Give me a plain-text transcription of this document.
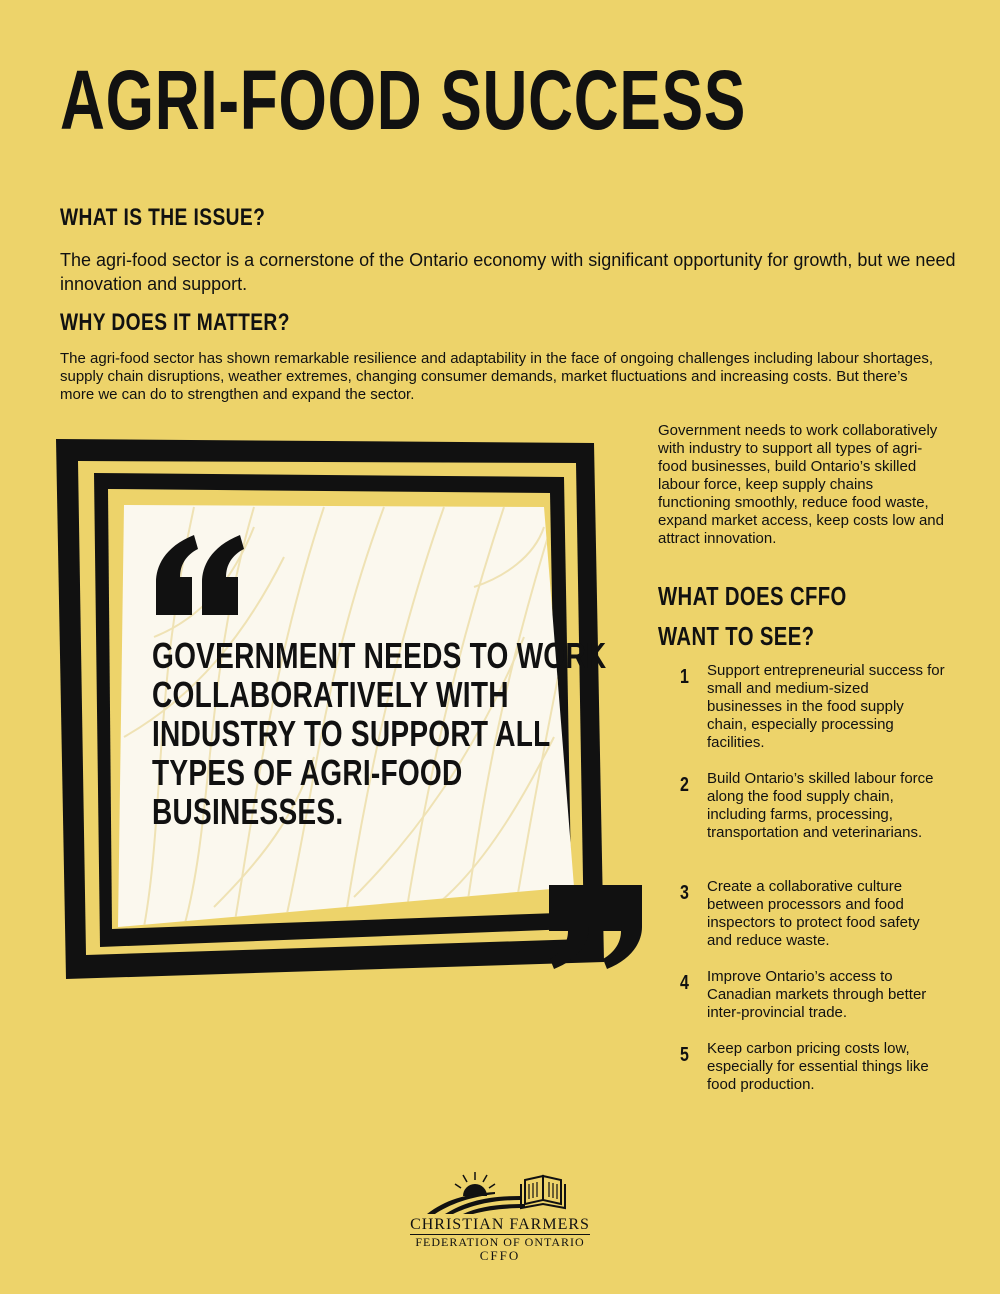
AGRI-FOOD SUCCESS
WHAT IS THE ISSUE?

The agri-food sector is a cornerstone of the Ontario economy with significant opportunity for growth, but we need innovation and support.

WHY DOES IT MATTER?

The agri-food sector has shown remarkable resilience and adaptability in the face of ongoing challenges including labour shortages, supply chain disruptions, weather extremes, changing consumer demands, market fluctuations and increasing costs. But there’s more we can do to strengthen and expand the sector.

GOVERNMENT NEEDS TO WORK
COLLABORATIVELY WITH
INDUSTRY TO SUPPORT ALL
TYPES OF AGRI-FOOD
BUSINESSES.

Government needs to work collaboratively with industry to support all types of agri-food businesses, build Ontario’s skilled labour force, keep supply chains functioning smoothly, reduce food waste, expand market access, keep costs low and attract innovation.

WHAT DOES CFFO WANT TO SEE?
1 Support entrepreneurial success for small and medium-sized businesses in the food supply chain, especially processing facilities.
2 Build Ontario’s skilled labour force along the food supply chain, including farms, processing, transportation and veterinarians.
3 Create a collaborative culture between processors and food inspectors to protect food safety and reduce waste.
4 Improve Ontario’s access to Canadian markets through better inter-provincial trade.
5 Keep carbon pricing costs low, especially for essential things like food production.
CHRISTIAN FARMERS
FEDERATION OF ONTARIO
CFFO
